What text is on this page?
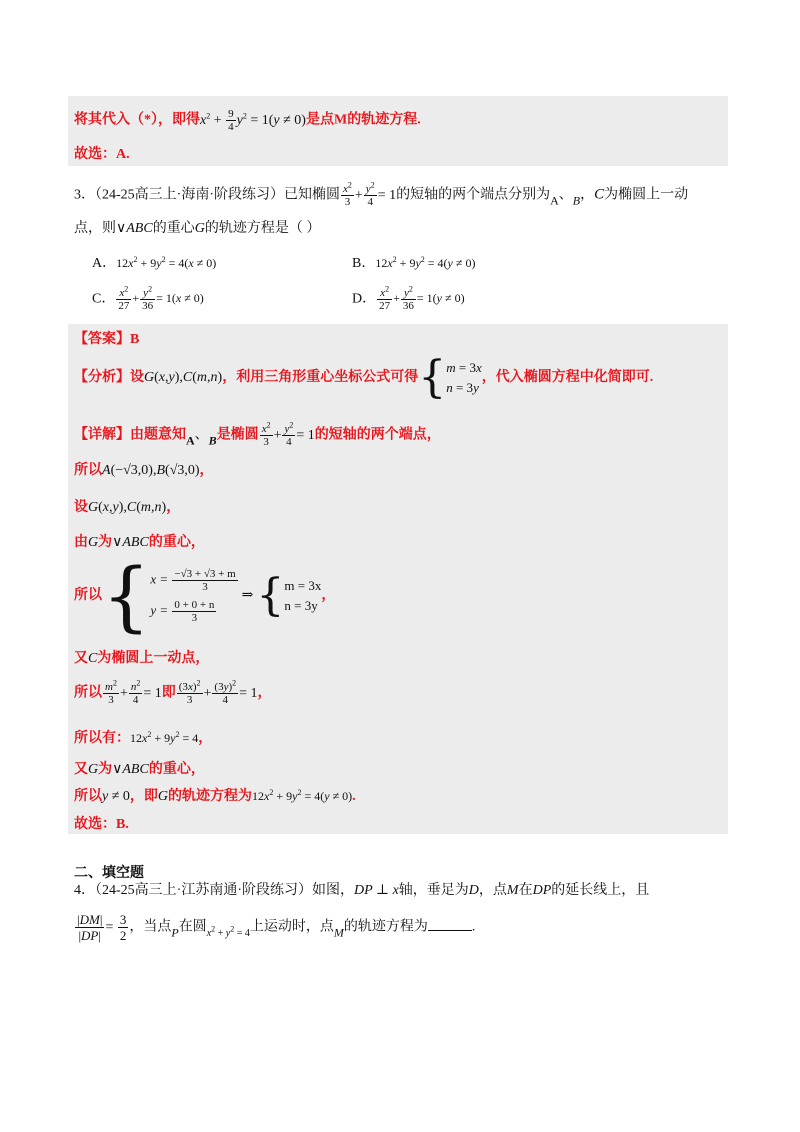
将其代入（*），即得$x^2 + \frac{9}{4} y^2 = 1(y \ne 0)$是点M的轨迹方程.
故选：A.
3．（24-25高三上·海南·阶段练习）已知椭圆 $\frac{x^2}{3} + \frac{y^2}{4} = 1$的短轴的两个端点分别为A、B，C为椭圆上一动
点，则∨ABC的重心G的轨迹方程是（ ）
A．$12x^2 + 9y^2 = 4(x \ne 0)$	B．$12x^2 + 9y^2 = 4(y \ne 0)$
C． $\frac{x^2}{27} + \frac{y^2}{36} = 1(x \ne 0)$	D． $\frac{x^2}{27} + \frac{y^2}{36} = 1(y \ne 0)$
【答案】B
【分析】设G(x,y),C(m,n)，利用三角形重心坐标公式可得{ m = 3x
n = 3y
，代入椭圆方程中化简即可.
【详解】由题意知A、B是椭圆 $\frac{x^2}{3} + \frac{y^2}{4} = 1$的短轴的两个端点，
所以A(−√3,0),B(√3,0)，
设G(x,y),C(m,n)，
由G为∨ABC的重心，
所以{ $x = \frac{-√3 + √3 + m}{3}$
$y = \frac{0 + 0 + n}{3}$
⇒{ m = 3x
n = 3y
，
又C为椭圆上一动点，
所以 $\frac{m^2}{3} + \frac{n^2}{4} = 1$即 $\frac{(3x)^2}{3} + \frac{(3y)^2}{4} = 1$，
所以有：$12x^2 + 9y^2 = 4$，
又G为∨ABC的重心，
所以y ≠ 0，即G的轨迹方程为$12x^2 + 9y^2 = 4(y \ne 0)$.
故选：B.
二、填空题
4．（24-25高三上·江苏南通·阶段练习）如图，DP ⊥ x轴，垂足为D，点M在DP的延长线上，且
$\frac{|DM|}{|DP|} = \frac{3}{2}$ ，当点P在圆$_{x^2 + y^2 = 4}$上运动时，点M的轨迹方程为	.
